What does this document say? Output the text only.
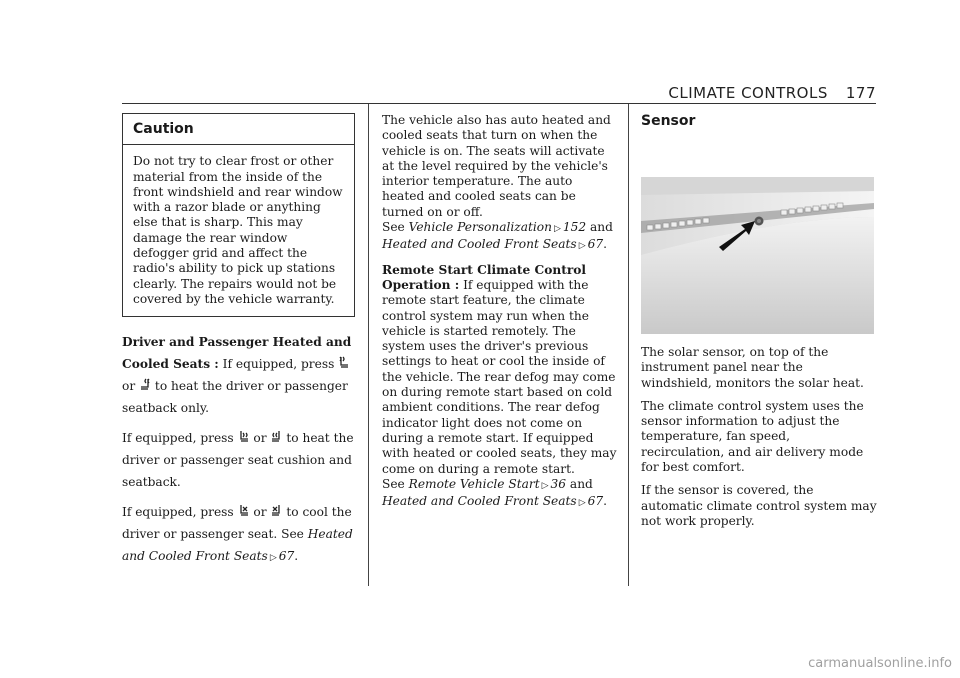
CLIMATE CONTROLS 177
Caution
Do not try to clear frost or other material from the inside of the front windshield and rear window with a razor blade or anything else that is sharp. This may damage the rear window defogger grid and affect the radio's ability to pick up stations clearly. The repairs would not be covered by the vehicle warranty.

Driver and Passenger Heated and Cooled Seats : If equipped, press  or  to heat the driver or passenger seatback only.

If equipped, press  or  to heat the driver or passenger seat cushion and seatback.

If equipped, press  or  to cool the driver or passenger seat. See Heated and Cooled Front Seats ▷ 67.

The vehicle also has auto heated and cooled seats that turn on when the vehicle is on. The seats will activate at the level required by the vehicle's interior temperature. The auto heated and cooled seats can be turned on or off.
See Vehicle Personalization ▷ 152 and
Heated and Cooled Front Seats ▷ 67.

Remote Start Climate Control Operation : If equipped with the remote start feature, the climate control system may run when the vehicle is started remotely. The system uses the driver's previous settings to heat or cool the inside of the vehicle. The rear defog may come on during remote start based on cold ambient conditions. The rear defog indicator light does not come on during a remote start. If equipped with heated or cooled seats, they may come on during a remote start.
See Remote Vehicle Start ▷ 36 and
Heated and Cooled Front Seats ▷ 67.

Sensor

The solar sensor, on top of the instrument panel near the windshield, monitors the solar heat.

The climate control system uses the sensor information to adjust the temperature, fan speed, recirculation, and air delivery mode for best comfort.

If the sensor is covered, the automatic climate control system may not work properly.

carmanualsonline.info
